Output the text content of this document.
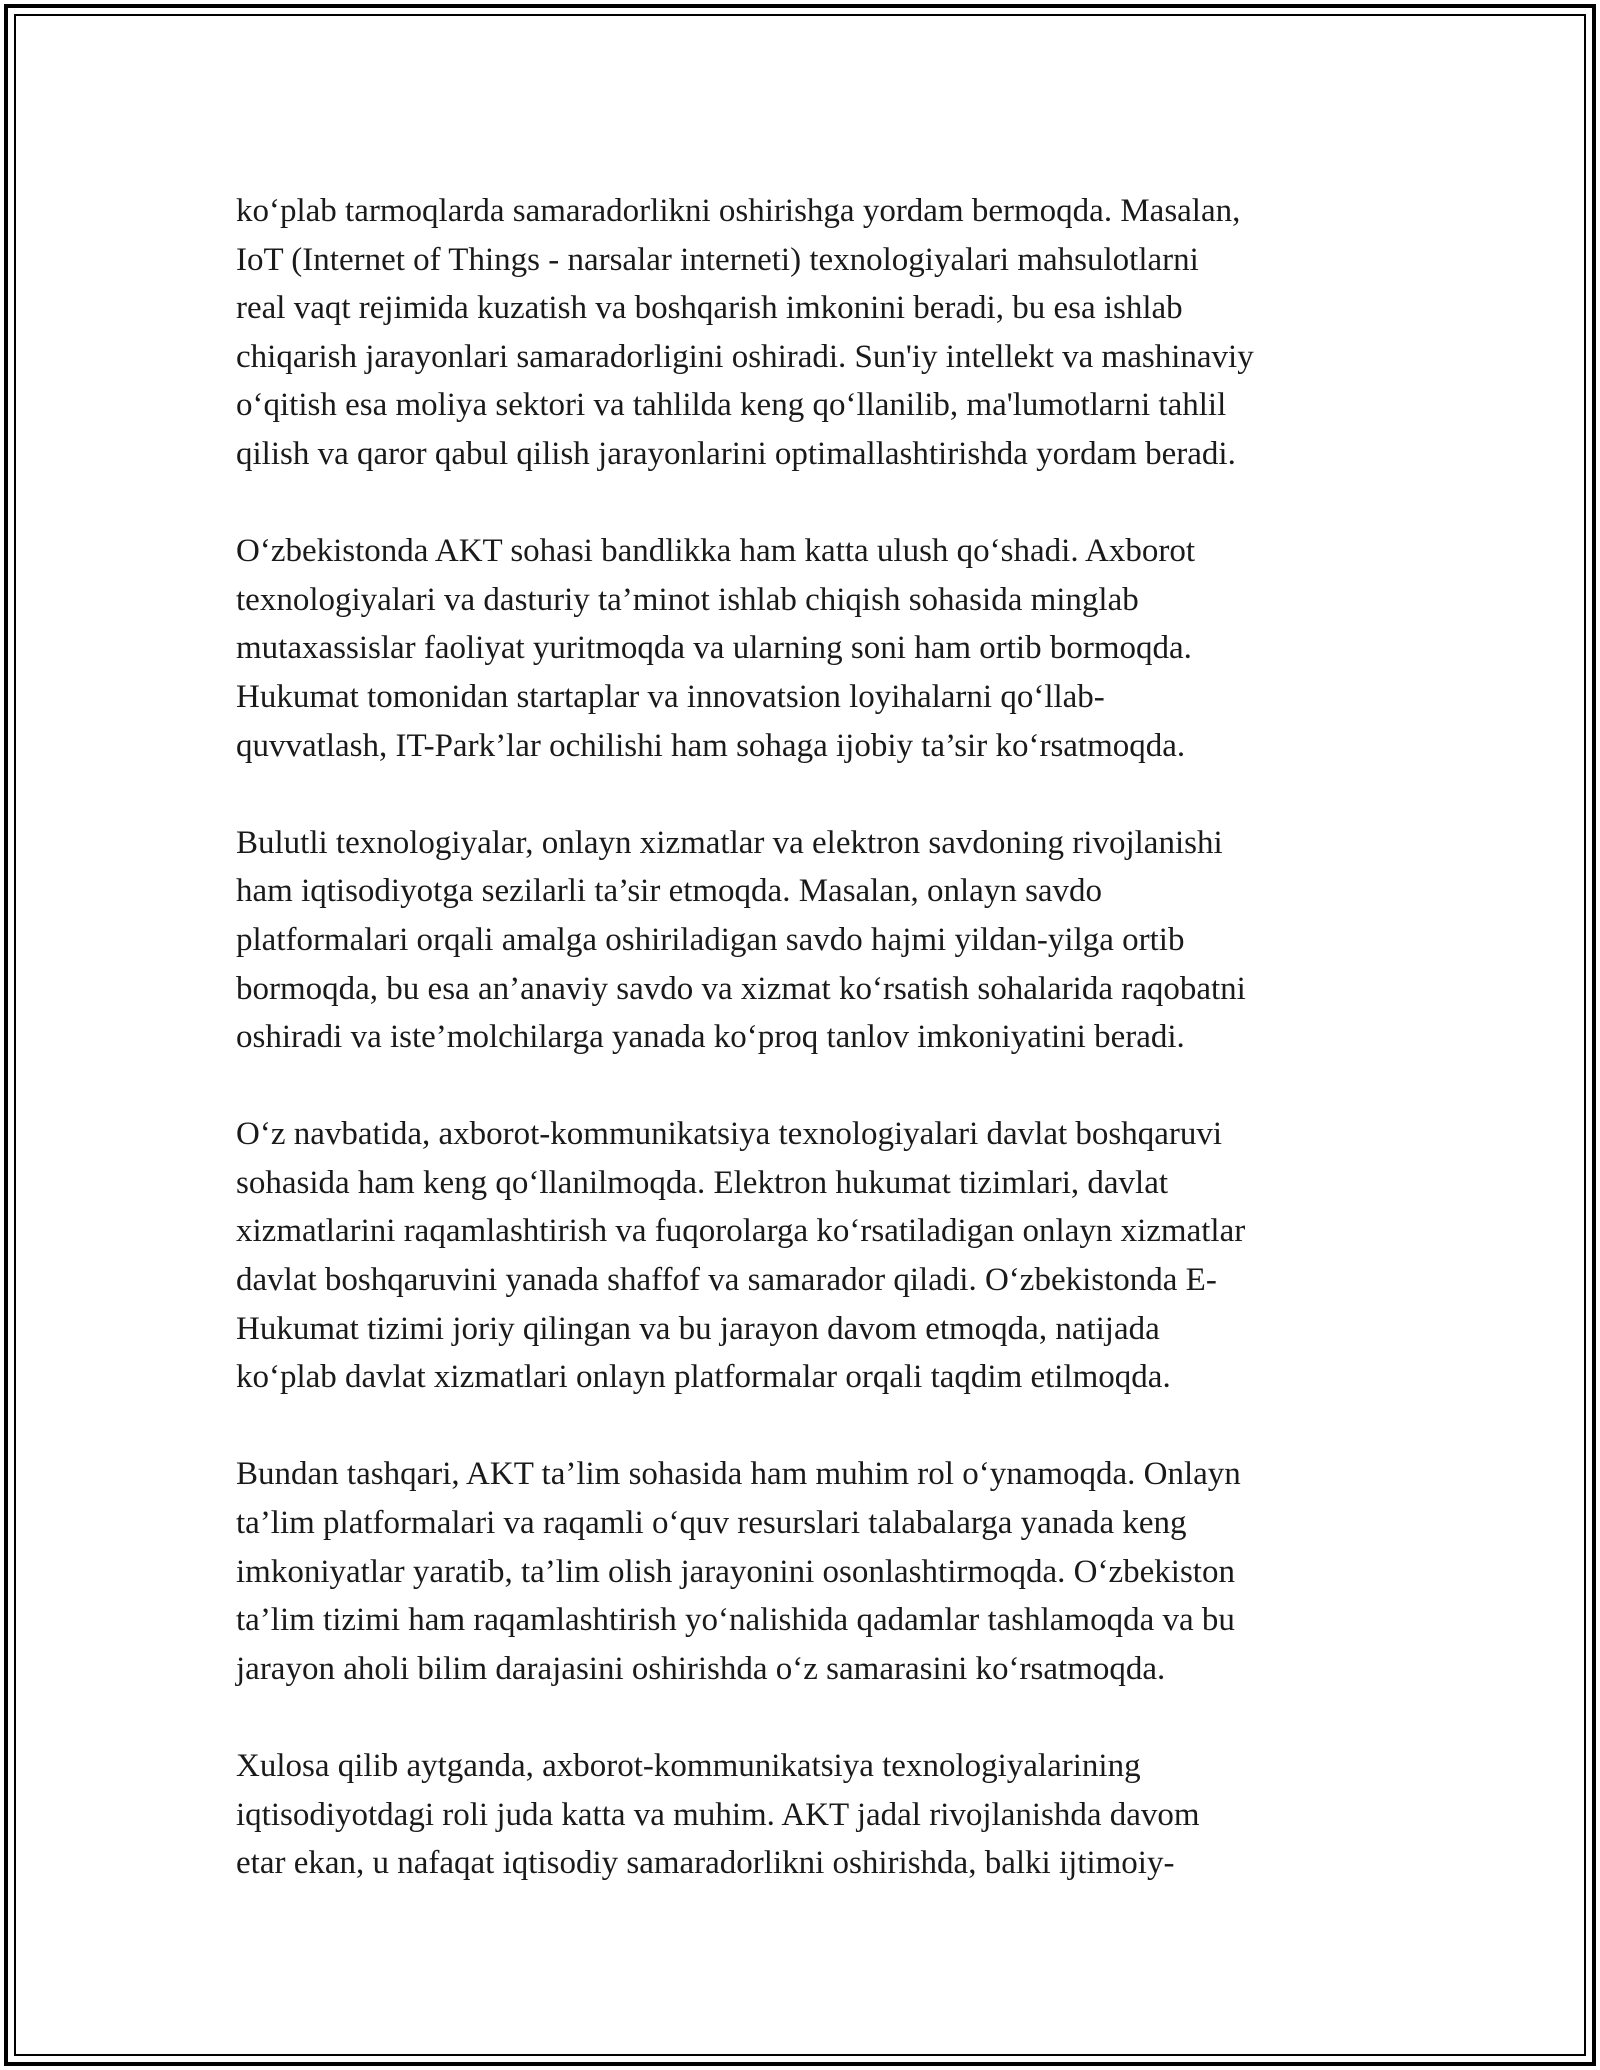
ko‘plab tarmoqlarda samaradorlikni oshirishga yordam bermoqda. Masalan,
IoT (Internet of Things - narsalar interneti) texnologiyalari mahsulotlarni
real vaqt rejimida kuzatish va boshqarish imkonini beradi, bu esa ishlab
chiqarish jarayonlari samaradorligini oshiradi. Sun'iy intellekt va mashinaviy
o‘qitish esa moliya sektori va tahlilda keng qo‘llanilib, ma'lumotlarni tahlil
qilish va qaror qabul qilish jarayonlarini optimallashtirishda yordam beradi.

O‘zbekistonda AKT sohasi bandlikka ham katta ulush qo‘shadi. Axborot
texnologiyalari va dasturiy ta’minot ishlab chiqish sohasida minglab
mutaxassislar faoliyat yuritmoqda va ularning soni ham ortib bormoqda.
Hukumat tomonidan startaplar va innovatsion loyihalarni qo‘llab-
quvvatlash, IT-Park’lar ochilishi ham sohaga ijobiy ta’sir ko‘rsatmoqda.

Bulutli texnologiyalar, onlayn xizmatlar va elektron savdoning rivojlanishi
ham iqtisodiyotga sezilarli ta’sir etmoqda. Masalan, onlayn savdo
platformalari orqali amalga oshiriladigan savdo hajmi yildan-yilga ortib
bormoqda, bu esa an’anaviy savdo va xizmat ko‘rsatish sohalarida raqobatni
oshiradi va iste’molchilarga yanada ko‘proq tanlov imkoniyatini beradi.

O‘z navbatida, axborot-kommunikatsiya texnologiyalari davlat boshqaruvi
sohasida ham keng qo‘llanilmoqda. Elektron hukumat tizimlari, davlat
xizmatlarini raqamlashtirish va fuqorolarga ko‘rsatiladigan onlayn xizmatlar
davlat boshqaruvini yanada shaffof va samarador qiladi. O‘zbekistonda E-
Hukumat tizimi joriy qilingan va bu jarayon davom etmoqda, natijada
ko‘plab davlat xizmatlari onlayn platformalar orqali taqdim etilmoqda.

Bundan tashqari, AKT ta’lim sohasida ham muhim rol o‘ynamoqda. Onlayn
ta’lim platformalari va raqamli o‘quv resurslari talabalarga yanada keng
imkoniyatlar yaratib, ta’lim olish jarayonini osonlashtirmoqda. O‘zbekiston
ta’lim tizimi ham raqamlashtirish yo‘nalishida qadamlar tashlamoqda va bu
jarayon aholi bilim darajasini oshirishda o‘z samarasini ko‘rsatmoqda.

Xulosa qilib aytganda, axborot-kommunikatsiya texnologiyalarining
iqtisodiyotdagi roli juda katta va muhim. AKT jadal rivojlanishda davom
etar ekan, u nafaqat iqtisodiy samaradorlikni oshirishda, balki ijtimoiy-
